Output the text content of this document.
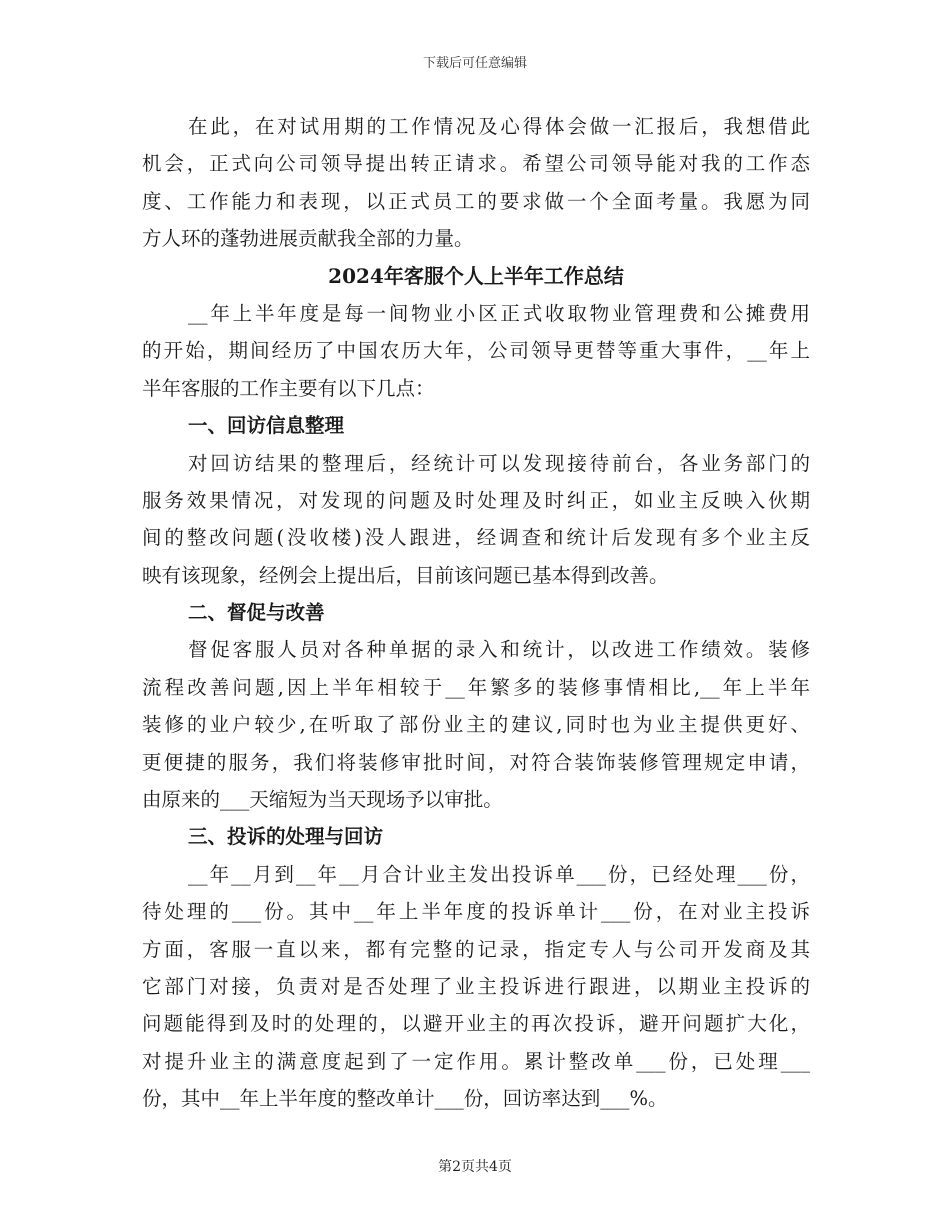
下载后可任意编辑
在此，在对试用期的工作情况及心得体会做一汇报后，我想借此
机会，正式向公司领导提出转正请求。希望公司领导能对我的工作态
度、工作能力和表现，以正式员工的要求做一个全面考量。我愿为同
方人环的蓬勃进展贡献我全部的力量。
2024年客服个人上半年工作总结
__年上半年度是每一间物业小区正式收取物业管理费和公摊费用
的开始，期间经历了中国农历大年，公司领导更替等重大事件，__年上
半年客服的工作主要有以下几点：
一、回访信息整理
对回访结果的整理后，经统计可以发现接待前台，各业务部门的
服务效果情况，对发现的问题及时处理及时纠正，如业主反映入伙期
间的整改问题(没收楼)没人跟进，经调查和统计后发现有多个业主反
映有该现象，经例会上提出后，目前该问题已基本得到改善。
二、督促与改善
督促客服人员对各种单据的录入和统计，以改进工作绩效。装修
流程改善问题,因上半年相较于__年繁多的装修事情相比,__年上半年
装修的业户较少,在听取了部份业主的建议,同时也为业主提供更好、
更便捷的服务，我们将装修审批时间，对符合装饰装修管理规定申请，
由原来的___天缩短为当天现场予以审批。
三、投诉的处理与回访
__年__月到__年__月合计业主发出投诉单___份，已经处理___份，
待处理的___份。其中__年上半年度的投诉单计___份，在对业主投诉
方面，客服一直以来，都有完整的记录，指定专人与公司开发商及其
它部门对接，负责对是否处理了业主投诉进行跟进，以期业主投诉的
问题能得到及时的处理的，以避开业主的再次投诉，避开问题扩大化，
对提升业主的满意度起到了一定作用。累计整改单___份，已处理___
份，其中__年上半年度的整改单计___份，回访率达到___%。
第2页共4页
